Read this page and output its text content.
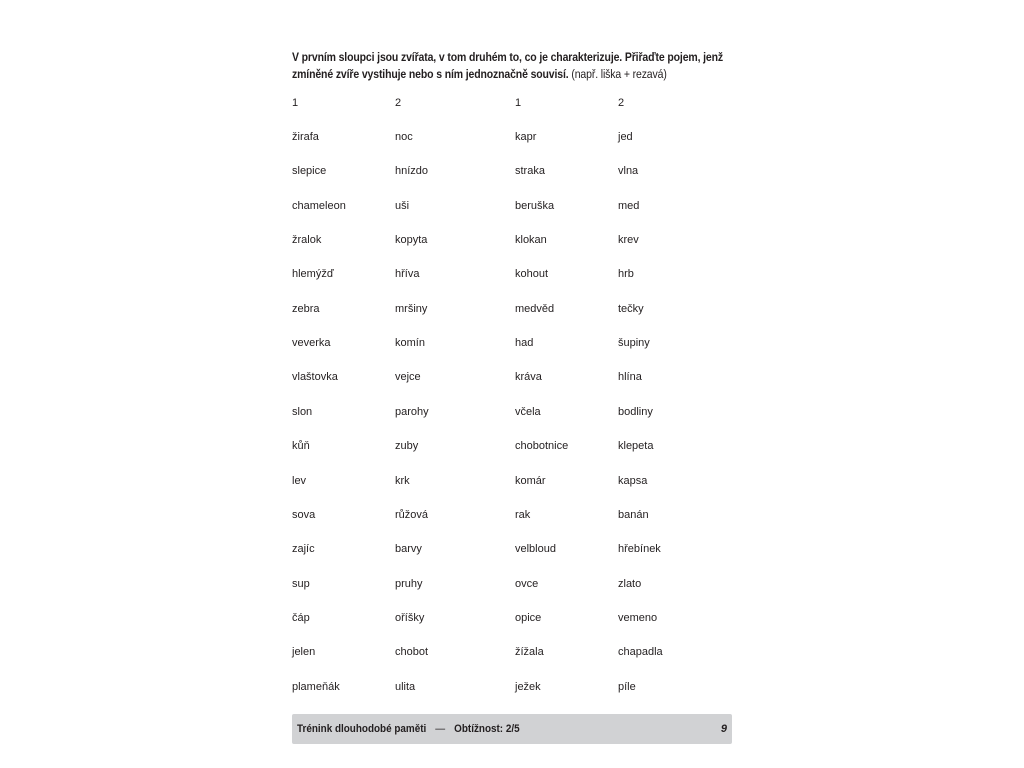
V prvním sloupci jsou zvířata, v tom druhém to, co je charakterizuje. Přiřaďte pojem, jenž
zmíněné zvíře vystihuje nebo s ním jednoznačně souvisí. (např. liška + rezavá)
1	2	1	2
žirafa	noc	kapr	jed
slepice	hnízdo	straka	vlna
chameleon	uši	beruška	med
žralok	kopyta	klokan	krev
hlemýžď	hříva	kohout	hrb
zebra	mršiny	medvěd	tečky
veverka	komín	had	šupiny
vlaštovka	vejce	kráva	hlína
slon	parohy	včela	bodliny
kůň	zuby	chobotnice	klepeta
lev	krk	komár	kapsa
sova	růžová	rak	banán
zajíc	barvy	velbloud	hřebínek
sup	pruhy	ovce	zlato
čáp	oříšky	opice	vemeno
jelen	chobot	žížala	chapadla
plameňák	ulita	ježek	píle
Trénink dlouhodobé paměti — Obtížnost: 2/5	9
